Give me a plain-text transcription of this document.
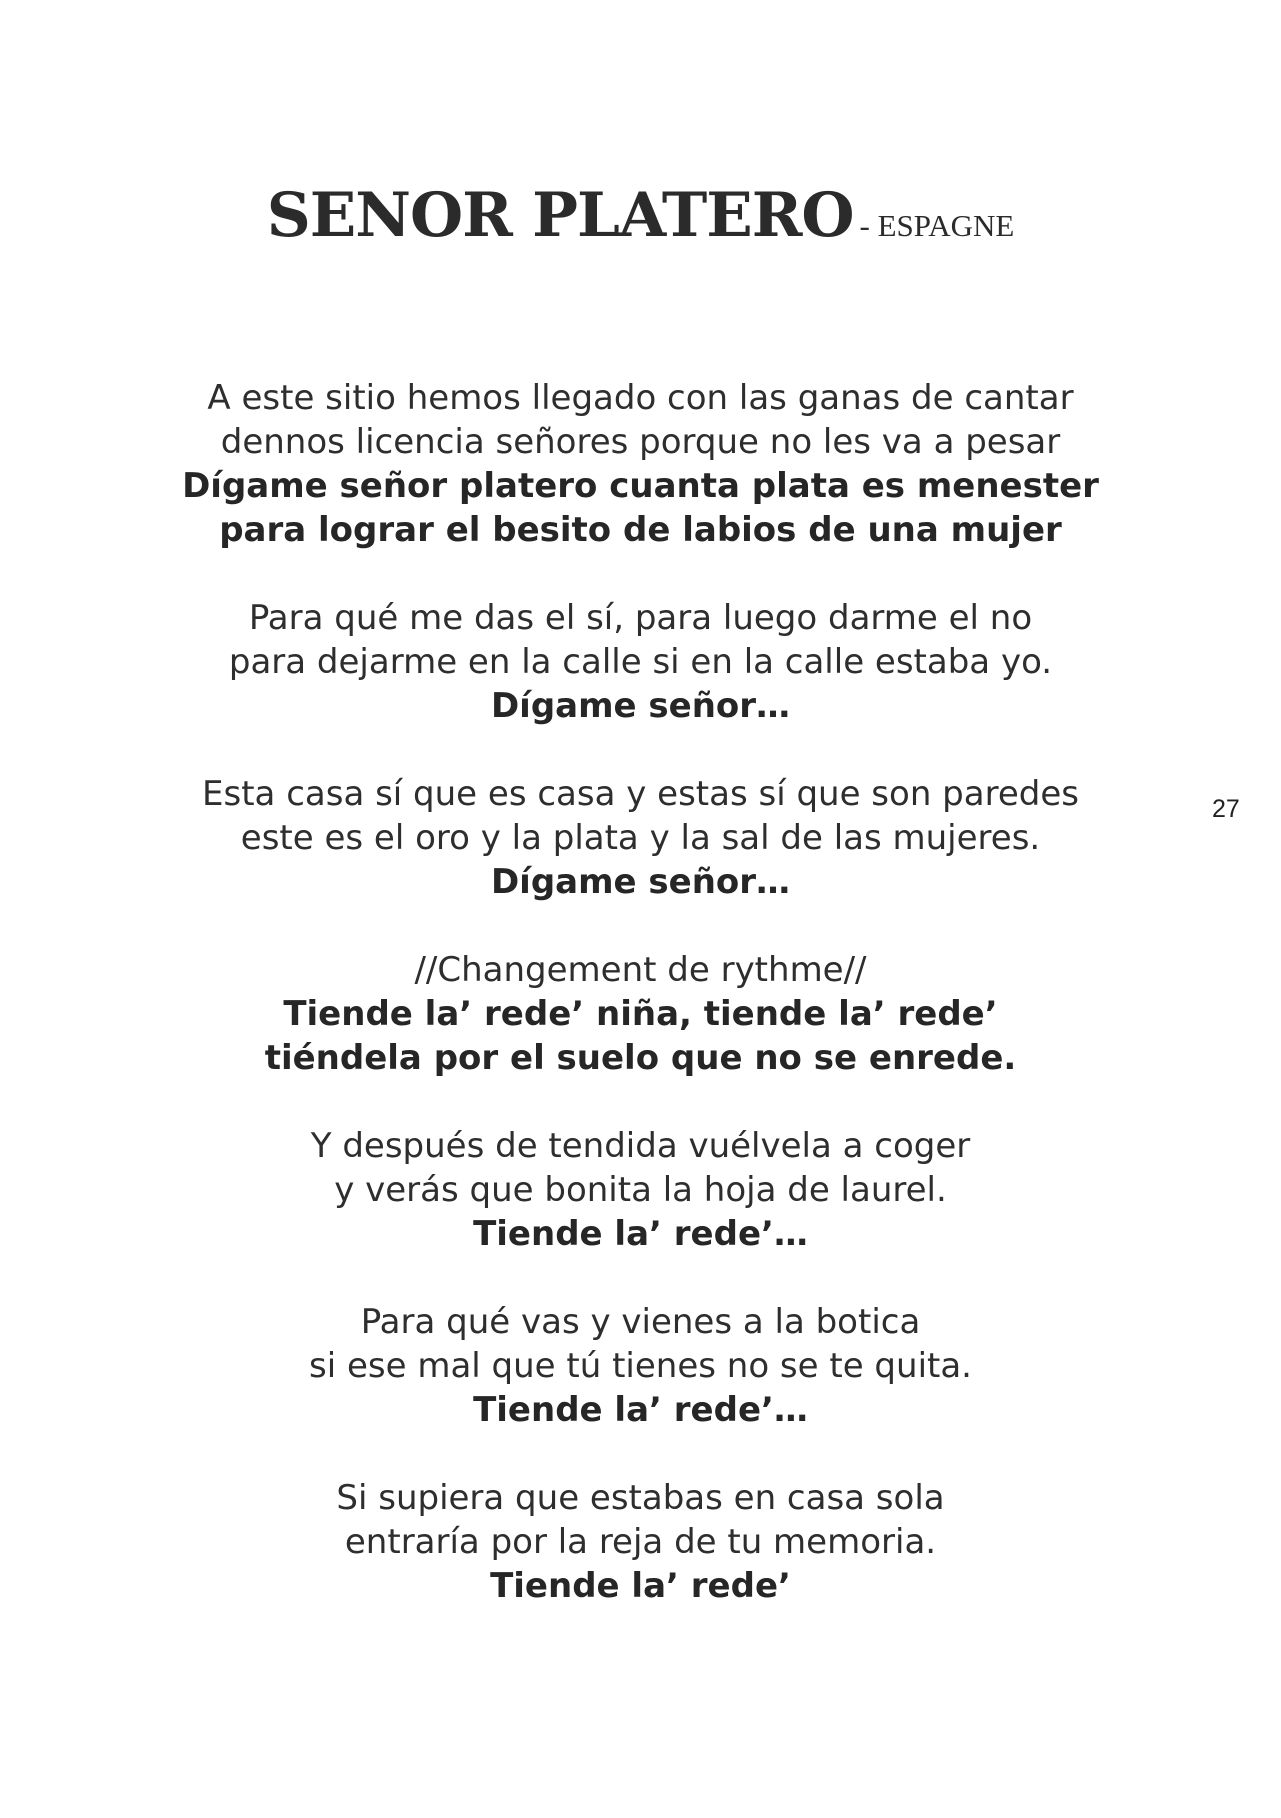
SENOR PLATERO - ESPAGNE
A este sitio hemos llegado con las ganas de cantar
dennos licencia señores porque no les va a pesar
Dígame señor platero cuanta plata es menester
para lograr el besito de labios de una mujer
Para qué me das el sí, para luego darme el no
para dejarme en la calle si en la calle estaba yo.
Dígame señor…
Esta casa sí que es casa y estas sí que son paredes
este es el oro y la plata y la sal de las mujeres.
Dígame señor…
//Changement de rythme//
Tiende la’ rede’ niña, tiende la’ rede’
tiéndela por el suelo que no se enrede.
Y después de tendida vuélvela a coger
y verás que bonita la hoja de laurel.
Tiende la’ rede’…
Para qué vas y vienes a la botica
si ese mal que tú tienes no se te quita.
Tiende la’ rede’…
Si supiera que estabas en casa sola
entraría por la reja de tu memoria.
Tiende la’ rede’
27
